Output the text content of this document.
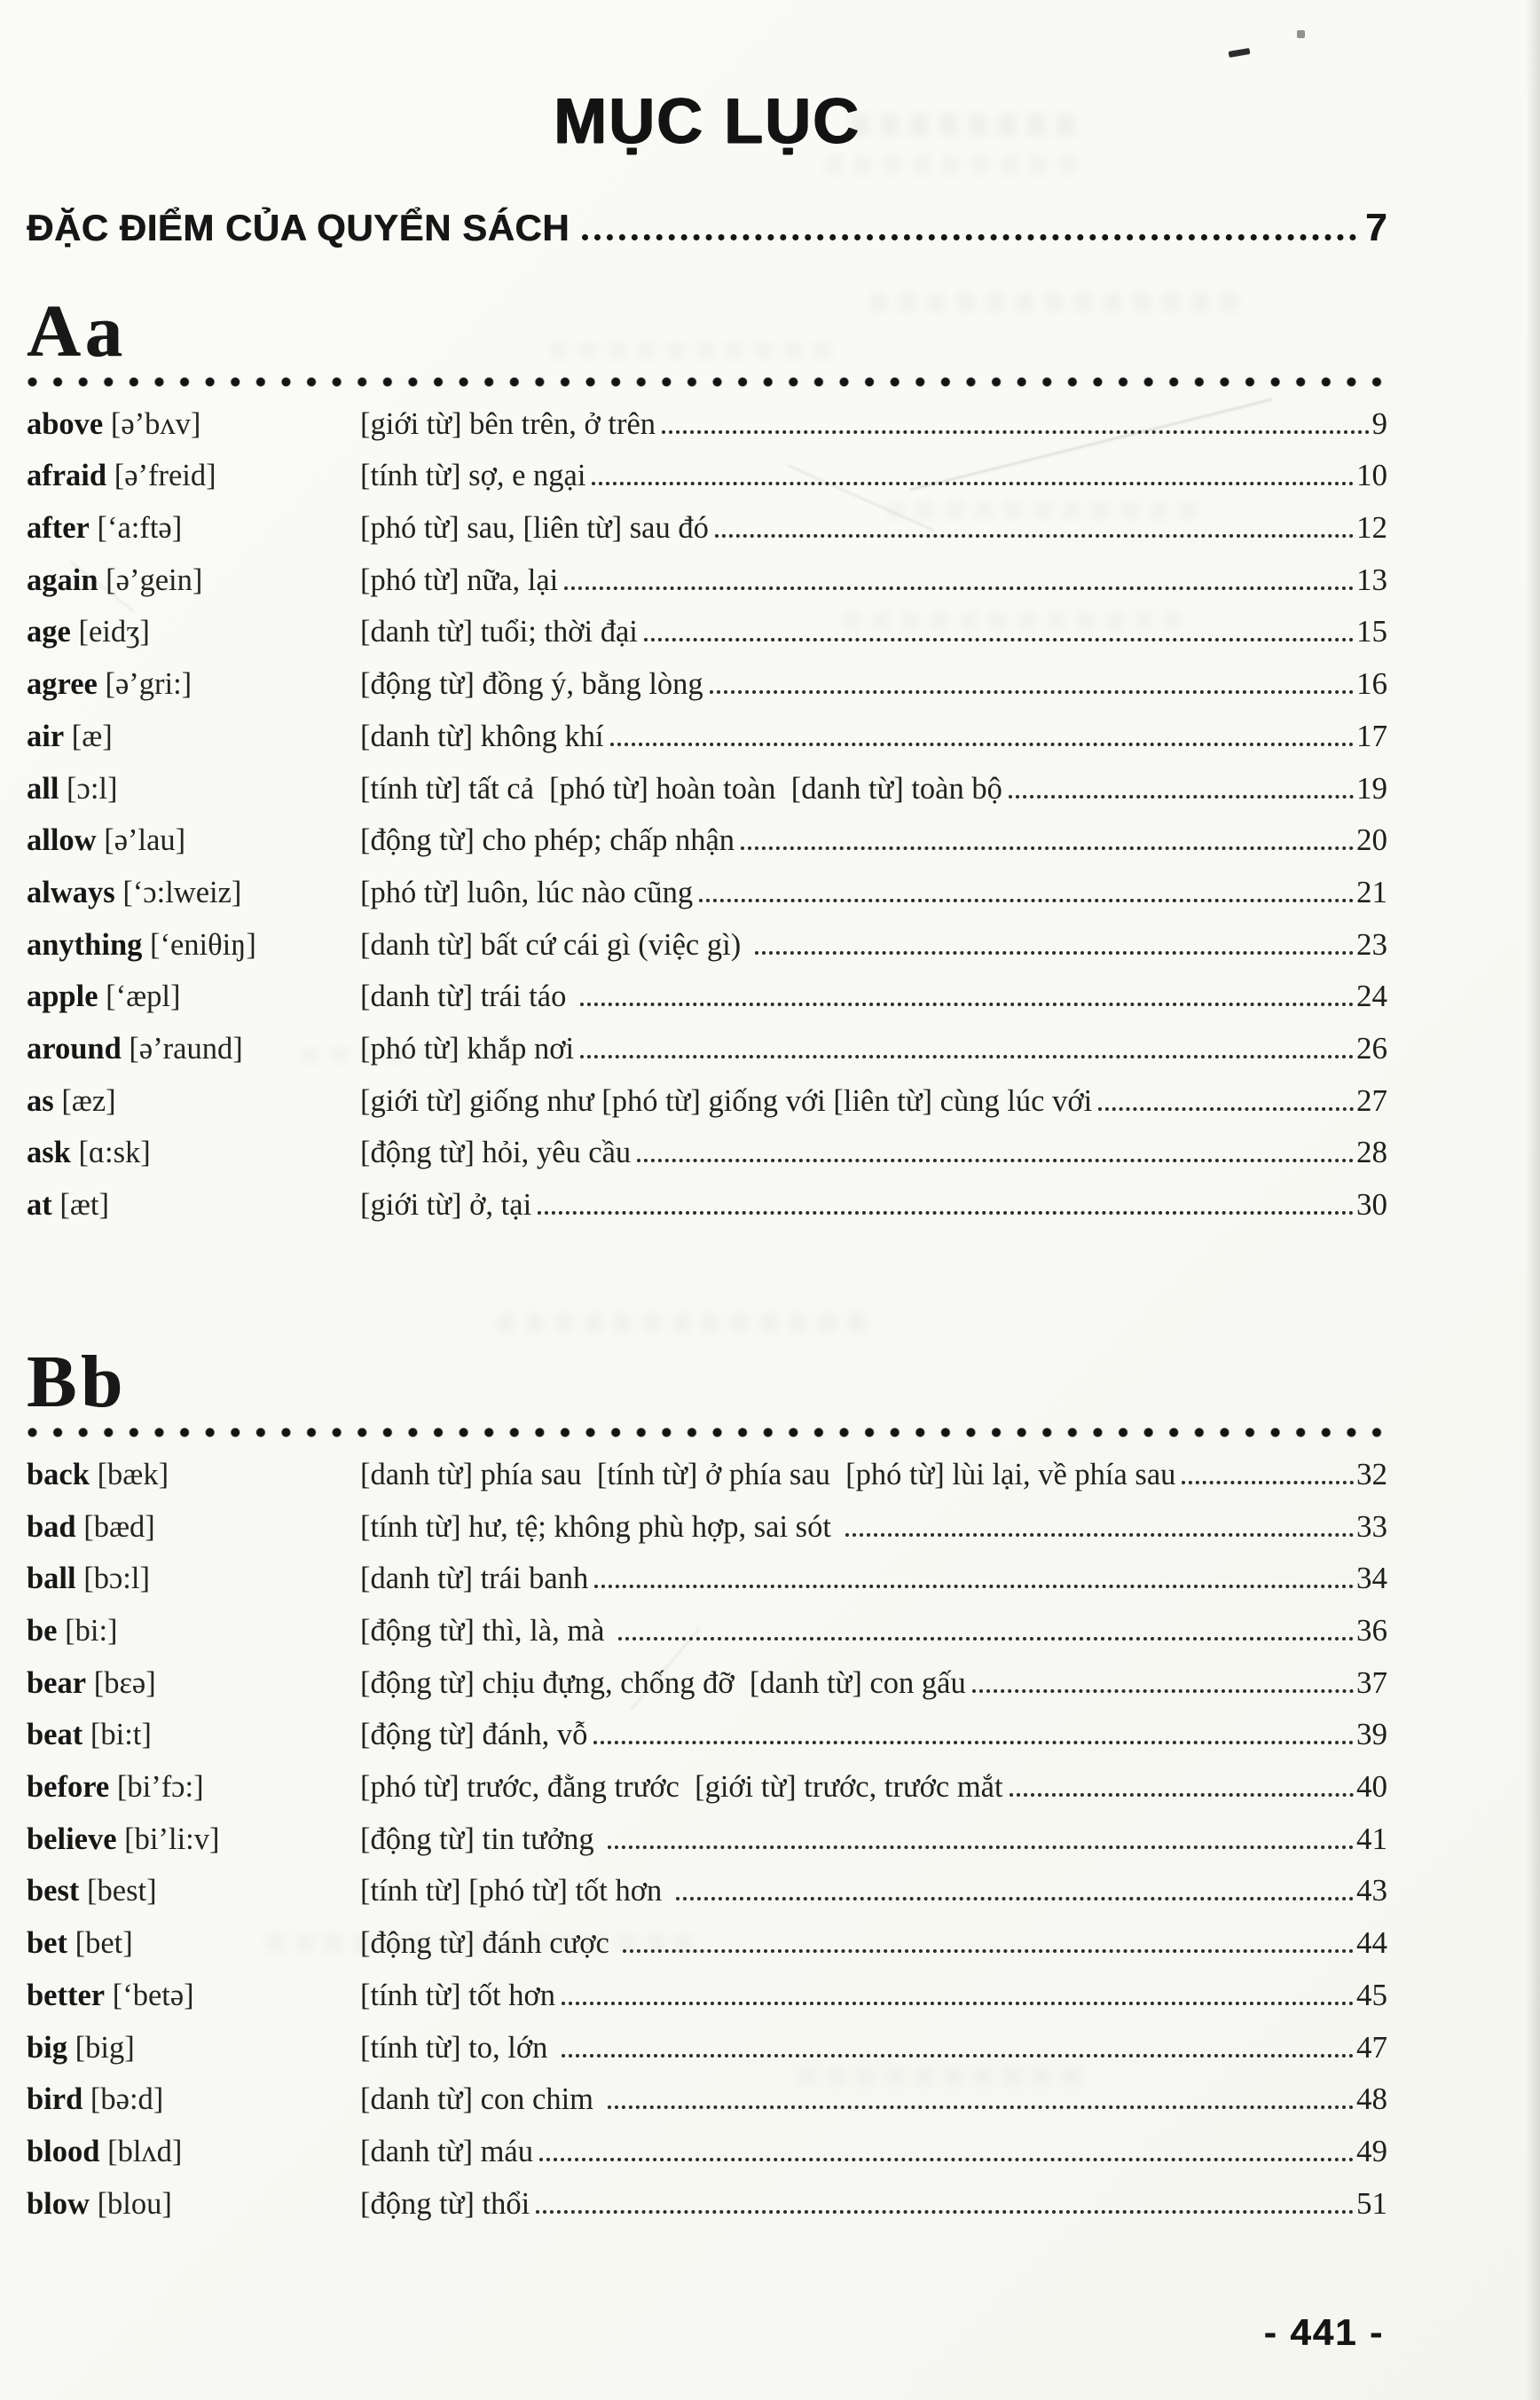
MỤC LỤC
ĐẶC ĐIỂM CỦA QUYỂN SÁCH	7
Aa
above [ə’bʌv]	[giới từ] bên trên, ở trên	9
afraid [ə’freid]	[tính từ] sợ, e ngại	10
after [‘a:ftə]	[phó từ] sau, [liên từ] sau đó	12
again [ə’gein]	[phó từ] nữa, lại	13
age [eidʒ]	[danh từ] tuổi; thời đại	15
agree [ə’gri:]	[động từ] đồng ý, bằng lòng	16
air [æ]	[danh từ] không khí	17
all [ɔ:l]	[tính từ] tất cả  [phó từ] hoàn toàn  [danh từ] toàn bộ	19
allow [ə’lau]	[động từ] cho phép; chấp nhận	20
always [‘ɔ:lweiz]	[phó từ] luôn, lúc nào cũng	21
anything [‘eniθiŋ]	[danh từ] bất cứ cái gì (việc gì)	23
apple [‘æpl]	[danh từ] trái táo	24
around [ə’raund]	[phó từ] khắp nơi	26
as [æz]	[giới từ] giống như [phó từ] giống với [liên từ] cùng lúc với	27
ask [ɑ:sk]	[động từ] hỏi, yêu cầu	28
at [æt]	[giới từ] ở, tại	30
Bb
back [bæk]	[danh từ] phía sau  [tính từ] ở phía sau  [phó từ] lùi lại, về phía sau	32
bad [bæd]	[tính từ] hư, tệ; không phù hợp, sai sót	33
ball [bɔ:l]	[danh từ] trái banh	34
be [bi:]	[động từ] thì, là, mà	36
bear [bɛə]	[động từ] chịu đựng, chống đỡ  [danh từ] con gấu	37
beat [bi:t]	[động từ] đánh, vỗ	39
before [bi’fɔ:]	[phó từ] trước, đằng trước  [giới từ] trước, trước mắt	40
believe [bi’li:v]	[động từ] tin tưởng	41
best [best]	[tính từ] [phó từ] tốt hơn	43
bet [bet]	[động từ] đánh cược	44
better [‘betə]	[tính từ] tốt hơn	45
big [big]	[tính từ] to, lớn	47
bird [bə:d]	[danh từ] con chim	48
blood [blʌd]	[danh từ] máu	49
blow [blou]	[động từ] thổi	51
- 441 -
